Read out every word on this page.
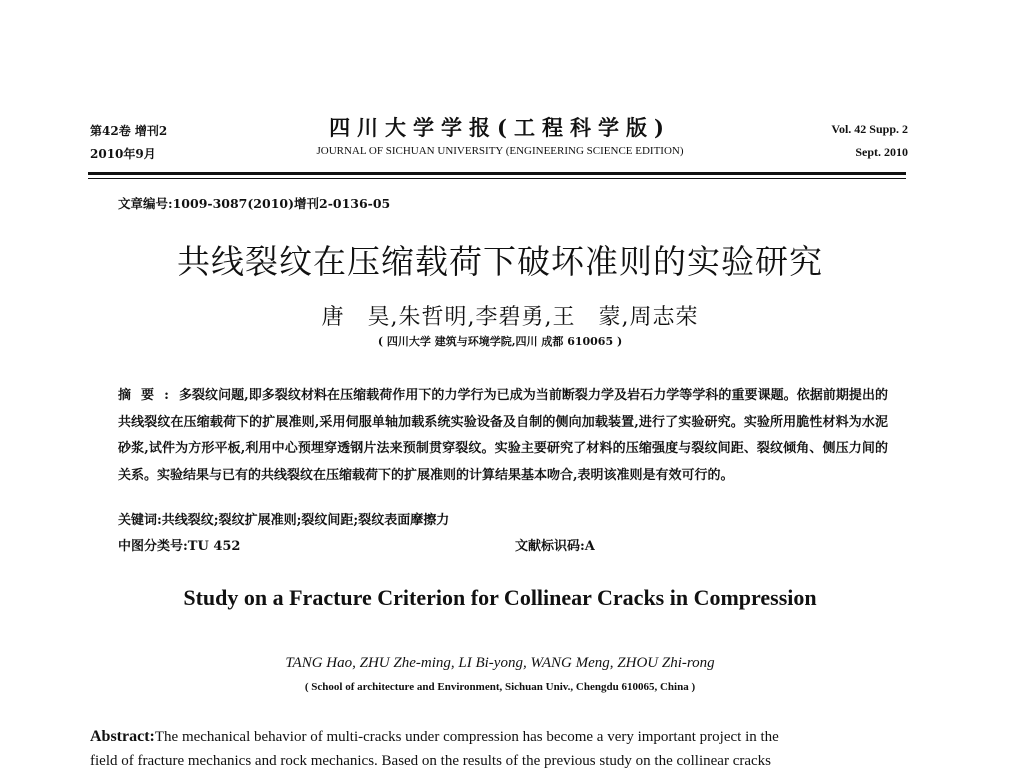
第42卷 增刊2
2010年9月
四川大学学报(工程科学版)
JOURNAL OF SICHUAN UNIVERSITY (ENGINEERING SCIENCE EDITION)
Vol. 42 Supp. 2
Sept. 2010
文章编号:1009-3087(2010)增刊2-0136-05
共线裂纹在压缩载荷下破坏准则的实验研究
唐　昊,朱哲明,李碧勇,王　蒙,周志荣
( 四川大学 建筑与环境学院,四川 成都 610065 )
摘要:多裂纹问题,即多裂纹材料在压缩载荷作用下的力学行为已成为当前断裂力学及岩石力学等学科的重要课题。依据前期提出的共线裂纹在压缩载荷下的扩展准则,采用伺服单轴加载系统实验设备及自制的侧向加载装置,进行了实验研究。实验所用脆性材料为水泥砂浆,试件为方形平板,利用中心预埋穿透钢片法来预制贯穿裂纹。实验主要研究了材料的压缩强度与裂纹间距、裂纹倾角、侧压力间的关系。实验结果与已有的共线裂纹在压缩载荷下的扩展准则的计算结果基本吻合,表明该准则是有效可行的。
关键词:共线裂纹;裂纹扩展准则;裂纹间距;裂纹表面摩擦力
中图分类号:TU 452	文献标识码:A
Study on a Fracture Criterion for Collinear Cracks in Compression
TANG Hao, ZHU Zhe-ming, LI Bi-yong, WANG Meng, ZHOU Zhi-rong
( School of architecture and Environment, Sichuan Univ., Chengdu 610065, China )
Abstract:The mechanical behavior of multi-cracks under compression has become a very important project in the
field of fracture mechanics and rock mechanics. Based on the results of the previous study on the collinear cracks
